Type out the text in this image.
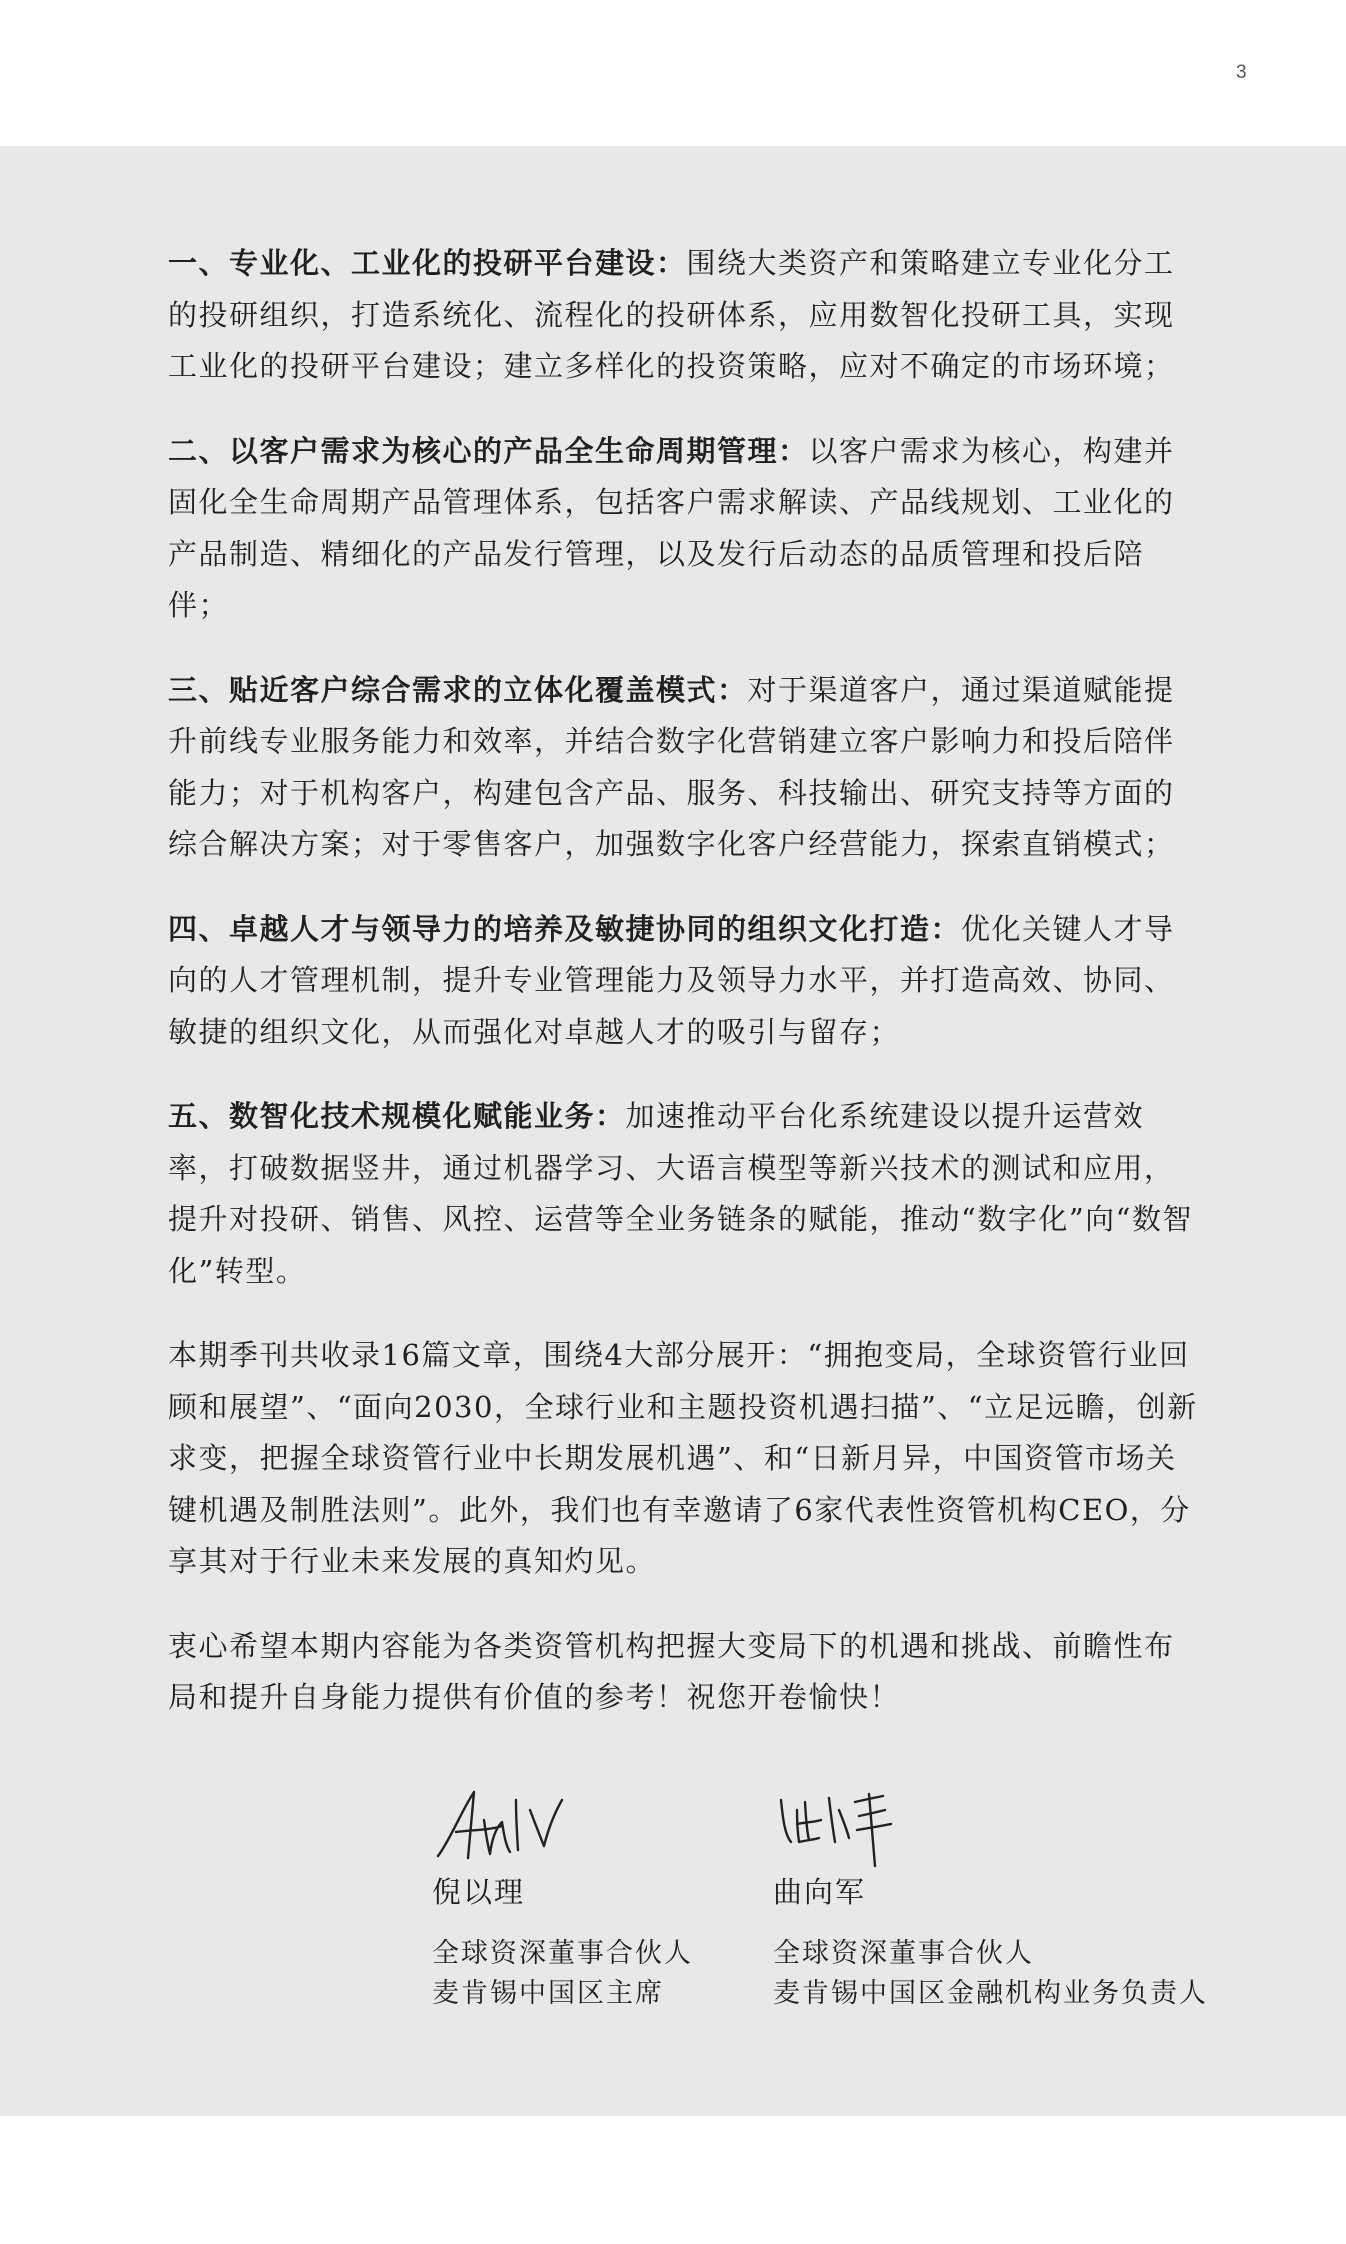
3

一、专业化、工业化的投研平台建设：围绕大类资产和策略建立专业化分工的投研组织，打造系统化、流程化的投研体系，应用数智化投研工具，实现工业化的投研平台建设；建立多样化的投资策略，应对不确定的市场环境；

二、以客户需求为核心的产品全生命周期管理：以客户需求为核心，构建并固化全生命周期产品管理体系，包括客户需求解读、产品线规划、工业化的产品制造、精细化的产品发行管理，以及发行后动态的品质管理和投后陪伴；

三、贴近客户综合需求的立体化覆盖模式：对于渠道客户，通过渠道赋能提升前线专业服务能力和效率，并结合数字化营销建立客户影响力和投后陪伴能力；对于机构客户，构建包含产品、服务、科技输出、研究支持等方面的综合解决方案；对于零售客户，加强数字化客户经营能力，探索直销模式；

四、卓越人才与领导力的培养及敏捷协同的组织文化打造：优化关键人才导向的人才管理机制，提升专业管理能力及领导力水平，并打造高效、协同、敏捷的组织文化，从而强化对卓越人才的吸引与留存；

五、数智化技术规模化赋能业务：加速推动平台化系统建设以提升运营效率，打破数据竖井，通过机器学习、大语言模型等新兴技术的测试和应用，提升对投研、销售、风控、运营等全业务链条的赋能，推动“数字化”向“数智化”转型。

本期季刊共收录16篇文章，围绕4大部分展开：“拥抱变局，全球资管行业回顾和展望”、“面向2030，全球行业和主题投资机遇扫描”、“立足远瞻，创新求变，把握全球资管行业中长期发展机遇”、和“日新月异，中国资管市场关键机遇及制胜法则”。此外，我们也有幸邀请了6家代表性资管机构CEO，分享其对于行业未来发展的真知灼见。

衷心希望本期内容能为各类资管机构把握大变局下的机遇和挑战、前瞻性布局和提升自身能力提供有价值的参考！祝您开卷愉快！

倪以理
全球资深董事合伙人
麦肯锡中国区主席
曲向军
全球资深董事合伙人
麦肯锡中国区金融机构业务负责人
